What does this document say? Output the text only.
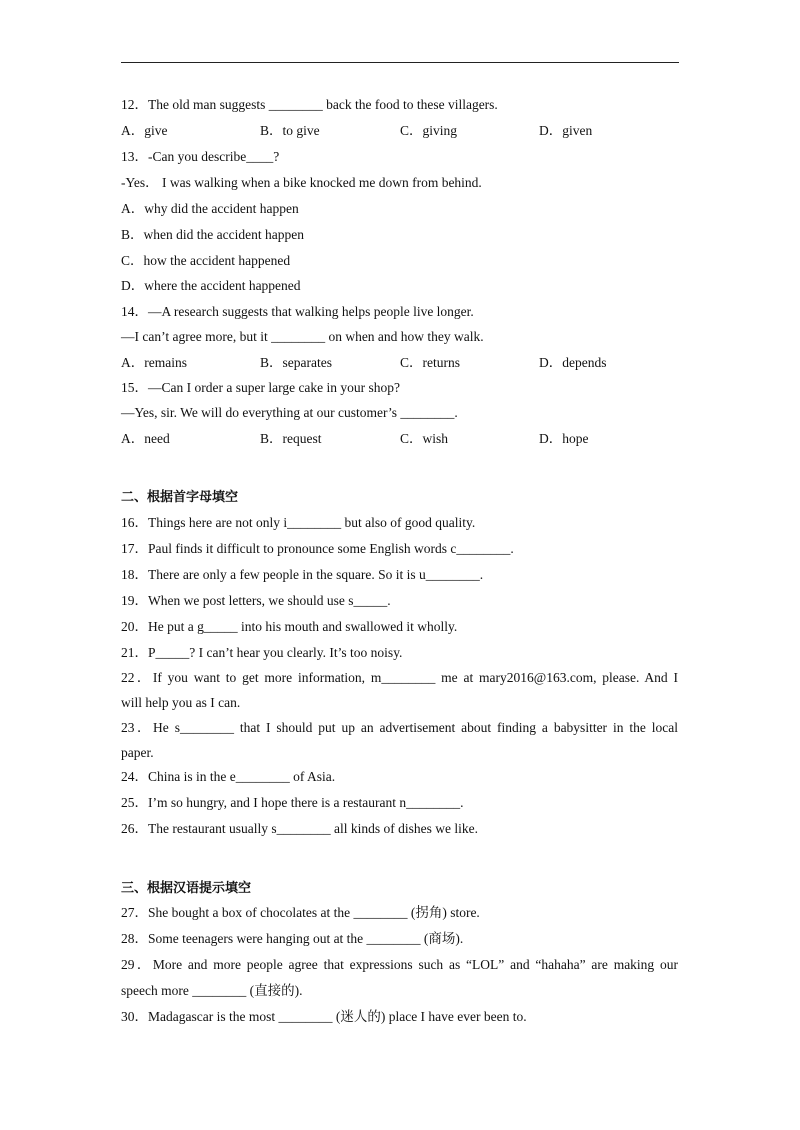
12．The old man suggests ________ back the food to these villagers.
A．give	B．to give	C．giving	D．given
13．-Can you describe____?
-Yes． I was walking when a bike knocked me down from behind.
A．why did the accident happen
B．when did the accident happen
C．how the accident happened
D．where the accident happened
14．—A research suggests that walking helps people live longer.
—I can’t agree more, but it ________ on when and how they walk.
A．remains	B．separates	C．returns	D．depends
15．—Can I order a super large cake in your shop?
—Yes, sir. We will do everything at our customer’s ________.
A．need	B．request	C．wish	D．hope
二、根据首字母填空
16．Things here are not only i________ but also of good quality.
17．Paul finds it difficult to pronounce some English words c________.
18．There are only a few people in the square. So it is u________.
19．When we post letters, we should use s_____.
20．He put a g_____ into his mouth and swallowed it wholly.
21．P_____? I can’t hear you clearly. It’s too noisy.
22．If you want to get more information, m________ me at mary2016@163.com, please. And I
will help you as I can.
23．He s________ that I should put up an advertisement about finding a babysitter in the local
paper.
24．China is in the e________ of Asia.
25．I’m so hungry, and I hope there is a restaurant n________.
26．The restaurant usually s________ all kinds of dishes we like.
三、根据汉语提示填空
27．She bought a box of chocolates at the ________ (拐角) store.
28．Some teenagers were hanging out at the ________ (商场).
29．More and more people agree that expressions such as “LOL” and “hahaha” are making our
speech more ________ (直接的).
30．Madagascar is the most ________ (迷人的) place I have ever been to.
